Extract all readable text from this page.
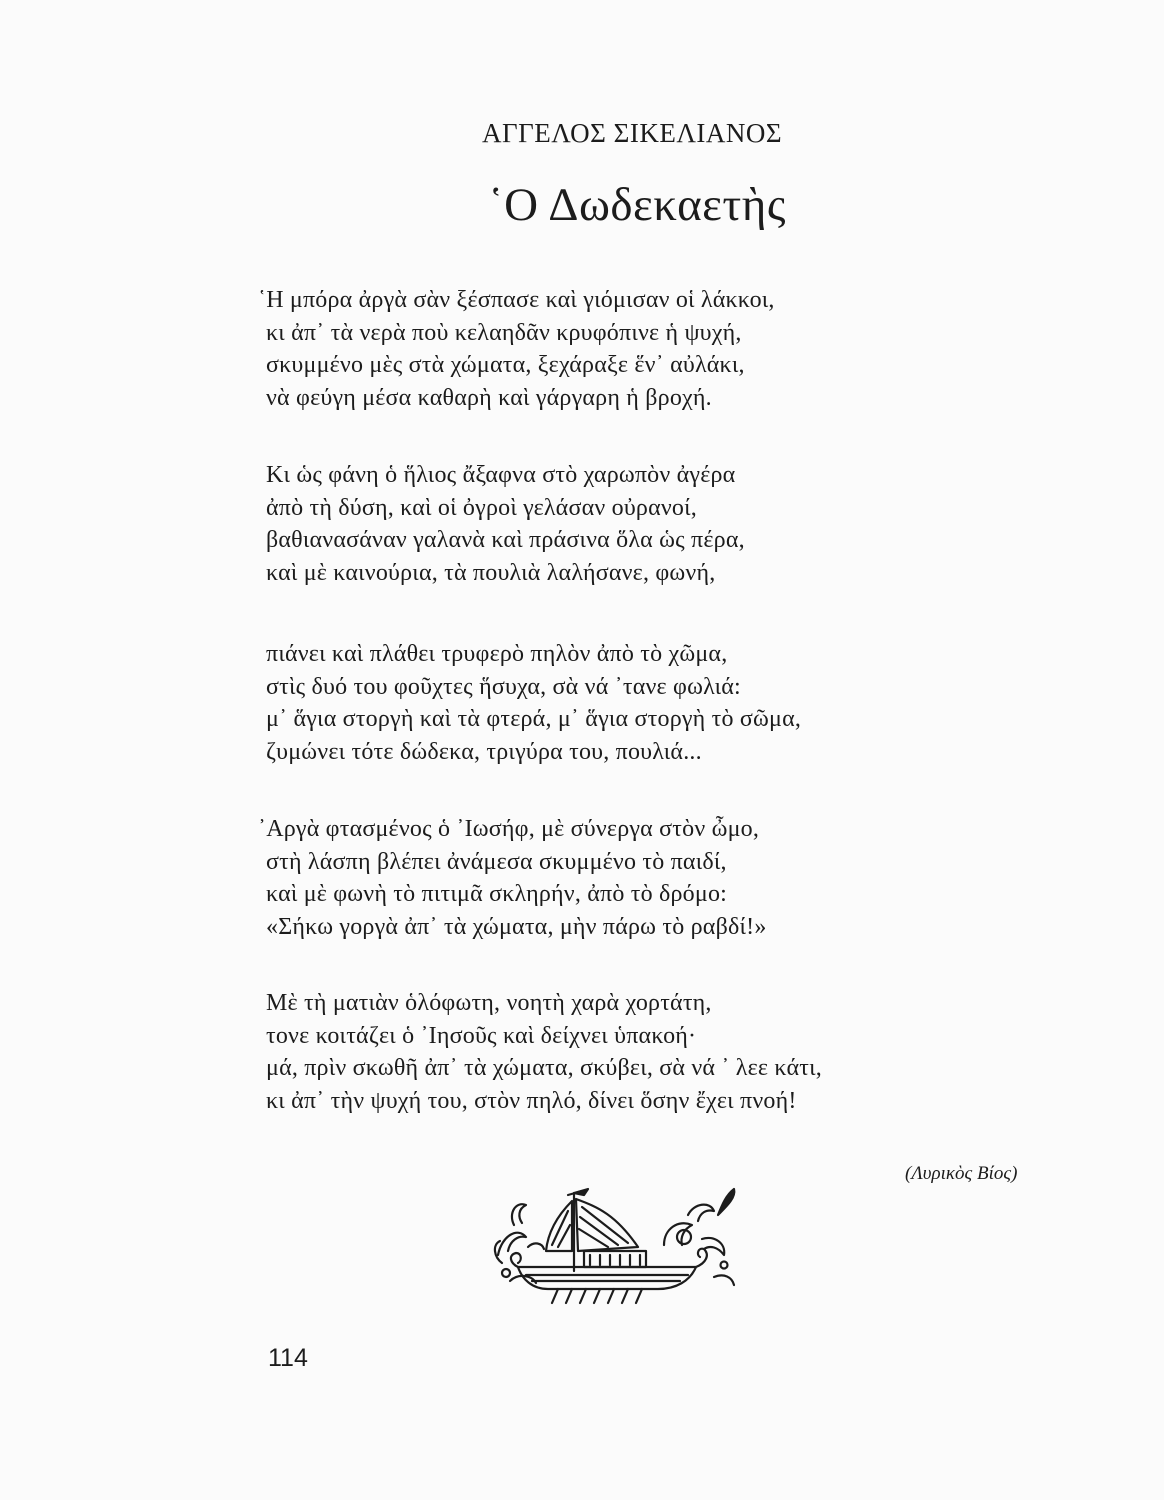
ΑΓΓΕΛΟΣ ΣΙΚΕΛΙΑΝΟΣ
῾Ο Δωδεκαετὴς
῾Η μπόρα ἀργὰ σὰν ξέσπασε καὶ γιόμισαν οἱ λάκκοι,
κι ἀπ᾿ τὰ νερὰ ποὺ κελαηδᾶν κρυφόπινε ἡ ψυχή,
σκυμμένο μὲς στὰ χώματα, ξεχάραξε ἕν᾿ αὐλάκι,
νὰ φεύγη μέσα καθαρὴ καὶ γάργαρη ἡ βροχή.
Κι ὡς φάνη ὁ ἥλιος ἄξαφνα στὸ χαρωπὸν ἀγέρα
ἀπὸ τὴ δύση, καὶ οἱ ὀγροὶ γελάσαν οὐρανοί,
βαθιανασάναν γαλανὰ καὶ πράσινα ὅλα ὡς πέρα,
καὶ μὲ καινούρια, τὰ πουλιὰ λαλήσανε, φωνή,
πιάνει καὶ πλάθει τρυφερὸ πηλὸν ἀπὸ τὸ χῶμα,
στὶς δυό του φοῦχτες ἥσυχα, σὰ νά ᾿τανε φωλιά:
μ᾿ ἅγια στοργὴ καὶ τὰ φτερά, μ᾿ ἅγια στοργὴ τὸ σῶμα,
ζυμώνει τότε δώδεκα, τριγύρα του, πουλιά...
᾿Αργὰ φτασμένος ὁ ᾿Ιωσήφ, μὲ σύνεργα στὸν ὦμο,
στὴ λάσπη βλέπει ἀνάμεσα σκυμμένο τὸ παιδί,
καὶ μὲ φωνὴ τὸ πιτιμᾶ σκληρήν, ἀπὸ τὸ δρόμο:
«Σήκω γοργὰ ἀπ᾿ τὰ χώματα, μὴν πάρω τὸ ραβδί!»
Μὲ τὴ ματιὰν ὁλόφωτη, νοητὴ χαρὰ χορτάτη,
τονε κοιτάζει ὁ ᾿Ιησοῦς καὶ δείχνει ὑπακοή·
μά, πρὶν σκωθῆ ἀπ᾿ τὰ χώματα, σκύβει, σὰ νά ᾿ λεε κάτι,
κι ἀπ᾿ τὴν ψυχή του, στὸν πηλό, δίνει ὅσην ἔχει πνοή!
(Λυρικὸς Βίος)
114
